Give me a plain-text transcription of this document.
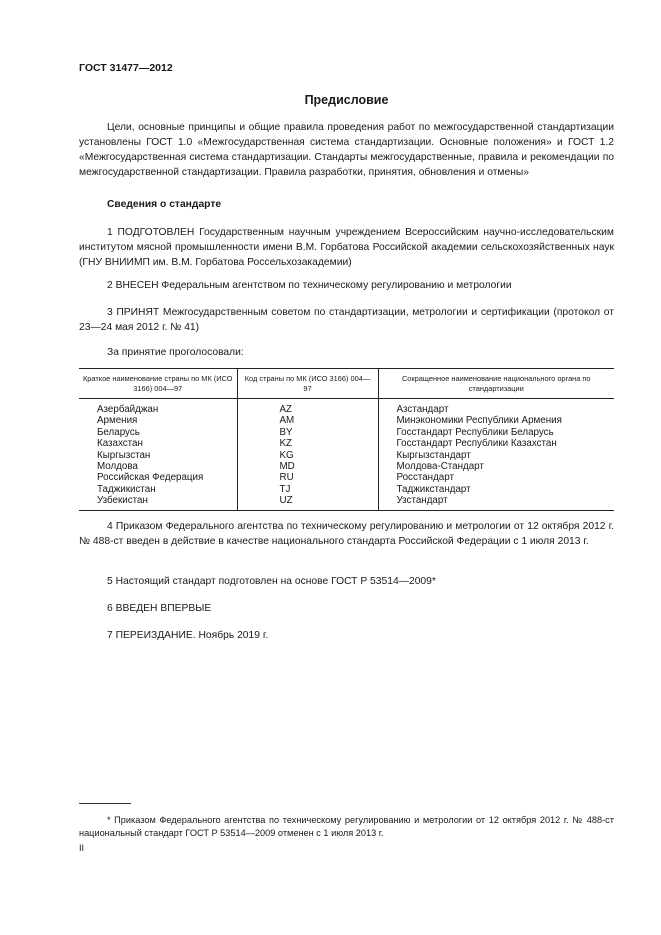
ГОСТ 31477—2012
Предисловие

Цели, основные принципы и общие правила проведения работ по межгосударственной стандартизации установлены ГОСТ 1.0 «Межгосударственная система стандартизации. Основные положения» и ГОСТ 1.2 «Межгосударственная система стандартизации. Стандарты межгосударственные, правила и рекомендации по межгосударственной стандартизации. Правила разработки, принятия, обновления и отмены»

Сведения о стандарте

1 ПОДГОТОВЛЕН Государственным научным учреждением Всероссийским научно-исследовательским институтом мясной промышленности имени В.М. Горбатова Российской академии сельскохозяйственных наук (ГНУ ВНИИМП им. В.М. Горбатова Россельхозакадемии)

2 ВНЕСЕН Федеральным агентством по техническому регулированию и метрологии

3 ПРИНЯТ Межгосударственным советом по стандартизации, метрологии и сертификации (протокол от 23—24 мая 2012 г. № 41)

За принятие проголосовали:
Краткое наименование страны по МК (ИСО 3166) 004—97	Код страны по МК (ИСО 3166) 004—97	Сокращенное наименование национального органа по стандартизации
Азербайджан	AZ	Азстандарт
Армения	AM	Минэкономики Республики Армения
Беларусь	BY	Госстандарт Республики Беларусь
Казахстан	KZ	Госстандарт Республики Казахстан
Кыргызстан	KG	Кыргызстандарт
Молдова	MD	Молдова-Стандарт
Российская Федерация	RU	Росстандарт
Таджикистан	TJ	Таджикстандарт
Узбекистан	UZ	Узстандарт

4 Приказом Федерального агентства по техническому регулированию и метрологии от 12 октября 2012 г. № 488-ст введен в действие в качестве национального стандарта Российской Федерации с 1 июля 2013 г.

5 Настоящий стандарт подготовлен на основе ГОСТ Р 53514—2009*

6 ВВЕДЕН ВПЕРВЫЕ

7 ПЕРЕИЗДАНИЕ. Ноябрь 2019 г.

* Приказом Федерального агентства по техническому регулированию и метрологии от 12 октября 2012 г. № 488-ст национальный стандарт ГОСТ Р 53514—2009 отменен с 1 июля 2013 г.

II
